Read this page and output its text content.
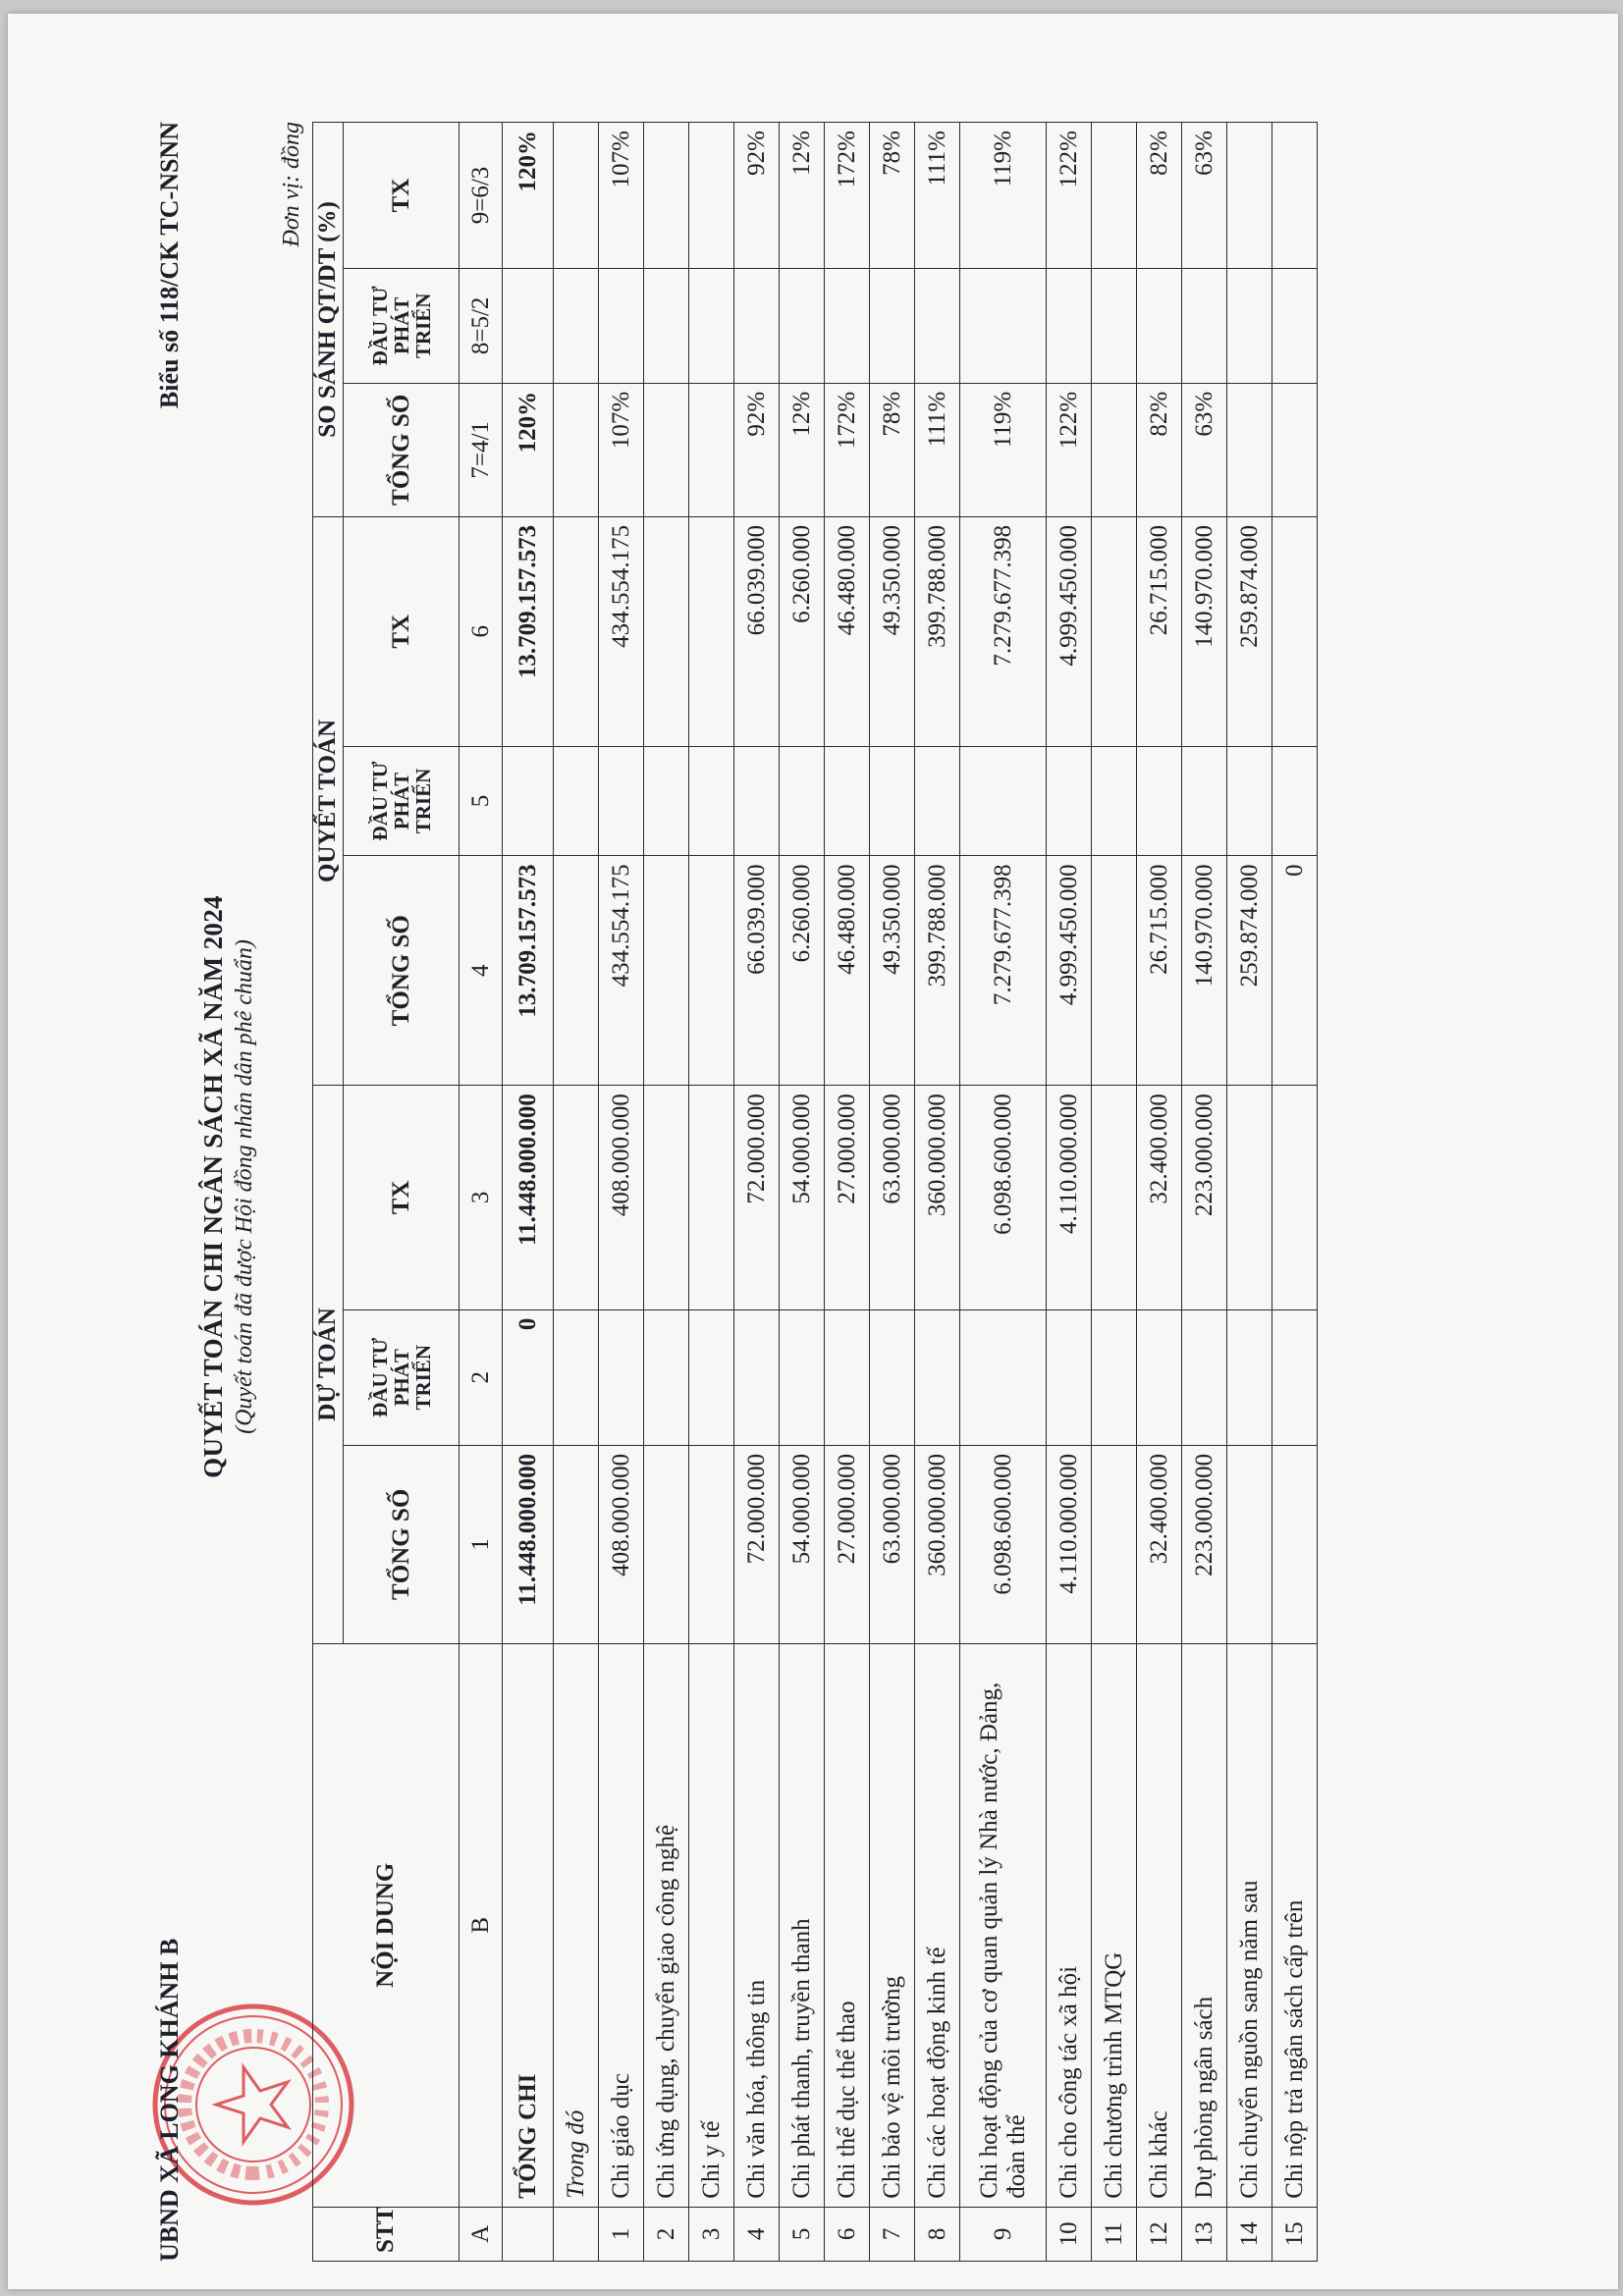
UBND XÃ LONG KHÁNH B
Biểu số 118/CK TC-NSNN
QUYẾT TOÁN CHI NGÂN SÁCH XÃ NĂM 2024 (Quyết toán đã được Hội đồng nhân dân phê chuẩn)
Đơn vị: đồng
STT	NỘI DUNG	DỰ TOÁN			QUYẾT TOÁN			SO SÁNH QT/DT (%)		
		TỔNG SỐ	ĐẦU TƯ PHÁT TRIỂN	TX	TỔNG SỐ	ĐẦU TƯ PHÁT TRIỂN	TX	TỔNG SỐ	ĐẦU TƯ PHÁT TRIỂN	TX

A	B	1	2	3	4	5	6	7=4/1	8=5/2	9=6/3
	TỔNG CHI	11.448.000.000	0	11.448.000.000	13.709.157.573		13.709.157.573	120%		120%
	Trong đó									
1	Chi giáo dục	408.000.000		408.000.000	434.554.175		434.554.175	107%		107%
2	Chi ứng dụng, chuyển giao công nghệ									
3	Chi y tế									
4	Chi văn hóa, thông tin	72.000.000		72.000.000	66.039.000		66.039.000	92%		92%
5	Chi phát thanh, truyền thanh	54.000.000		54.000.000	6.260.000		6.260.000	12%		12%
6	Chi thể dục thể thao	27.000.000		27.000.000	46.480.000		46.480.000	172%		172%
7	Chi bảo vệ môi trường	63.000.000		63.000.000	49.350.000		49.350.000	78%		78%
8	Chi các hoạt động kinh tế	360.000.000		360.000.000	399.788.000		399.788.000	111%		111%
9	Chi hoạt động của cơ quan quản lý Nhà nước, Đảng, đoàn thể	6.098.600.000		6.098.600.000	7.279.677.398		7.279.677.398	119%		119%
10	Chi cho công tác xã hội	4.110.000.000		4.110.000.000	4.999.450.000		4.999.450.000	122%		122%
11	Chi chương trình MTQG									
12	Chi khác	32.400.000		32.400.000	26.715.000		26.715.000	82%		82%
13	Dự phòng ngân sách	223.000.000		223.000.000	140.970.000		140.970.000	63%		63%
14	Chi chuyển nguồn sang năm sau				259.874.000		259.874.000			
15	Chi nộp trả ngân sách cấp trên				0					
